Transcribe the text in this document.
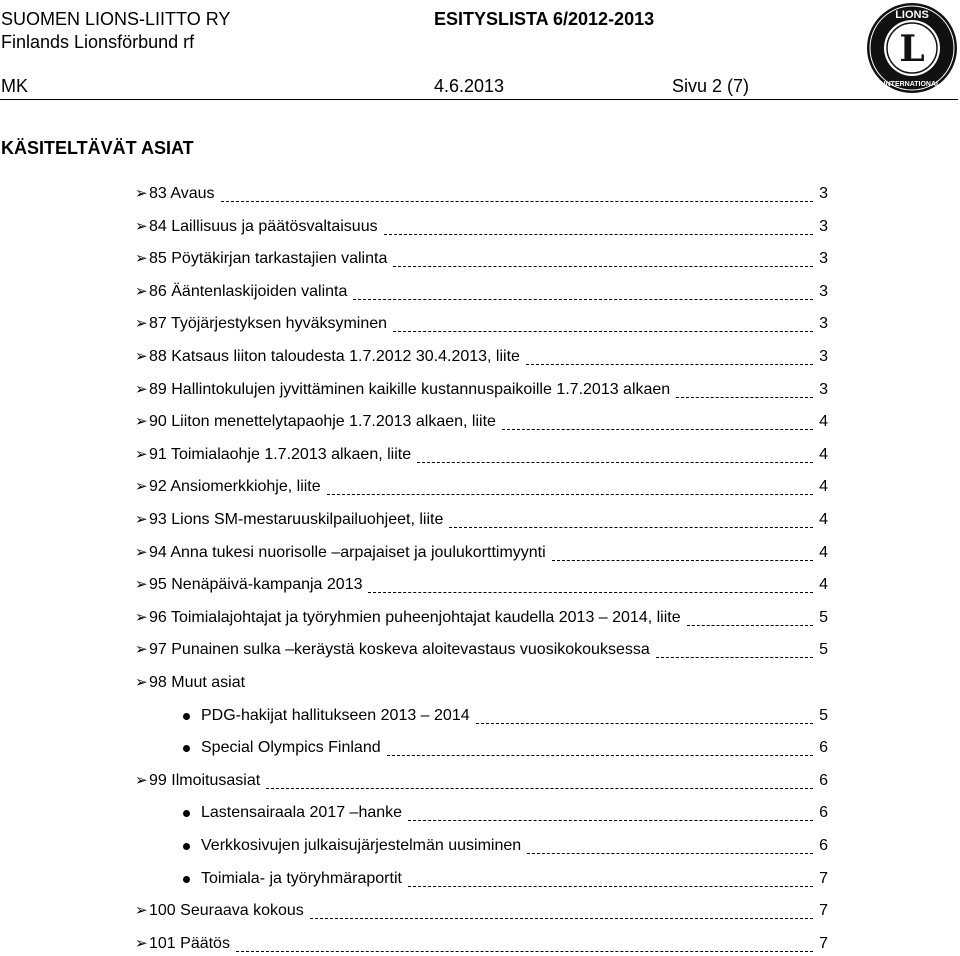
SUOMEN LIONS-LIITTO RY
Finlands Lionsförbund rf
ESITYSLISTA 6/2012-2013
MK	4.6.2013	Sivu 2 (7)
L
LIONS
INTERNATIONAL
KÄSITELTÄVÄT ASIAT
➢ 83 Avaus	3
➢ 84 Laillisuus ja päätösvaltaisuus	3
➢ 85 Pöytäkirjan tarkastajien valinta	3
➢ 86 Ääntenlaskijoiden valinta	3
➢ 87 Työjärjestyksen hyväksyminen	3
➢ 88 Katsaus liiton taloudesta 1.7.2012 30.4.2013, liite	3
➢ 89 Hallintokulujen jyvittäminen kaikille kustannuspaikoille 1.7.2013 alkaen	3
➢ 90 Liiton menettelytapaohje 1.7.2013 alkaen, liite	4
➢ 91 Toimialaohje 1.7.2013 alkaen, liite	4
➢ 92 Ansiomerkkiohje, liite	4
➢ 93 Lions SM-mestaruuskilpailuohjeet, liite	4
➢ 94 Anna tukesi nuorisolle –arpajaiset ja joulukorttimyynti	4
➢ 95 Nenäpäivä-kampanja 2013	4
➢ 96 Toimialajohtajat ja työryhmien puheenjohtajat kaudella 2013 – 2014, liite	5
➢ 97 Punainen sulka –keräystä koskeva aloitevastaus vuosikokouksessa	5
➢ 98 Muut asiat
PDG-hakijat hallitukseen 2013 – 2014	5
Special Olympics Finland	6
➢ 99 Ilmoitusasiat	6
Lastensairaala 2017 –hanke	6
Verkkosivujen julkaisujärjestelmän uusiminen	6
Toimiala- ja työryhmäraportit	7
➢ 100 Seuraava kokous	7
➢ 101 Päätös	7
